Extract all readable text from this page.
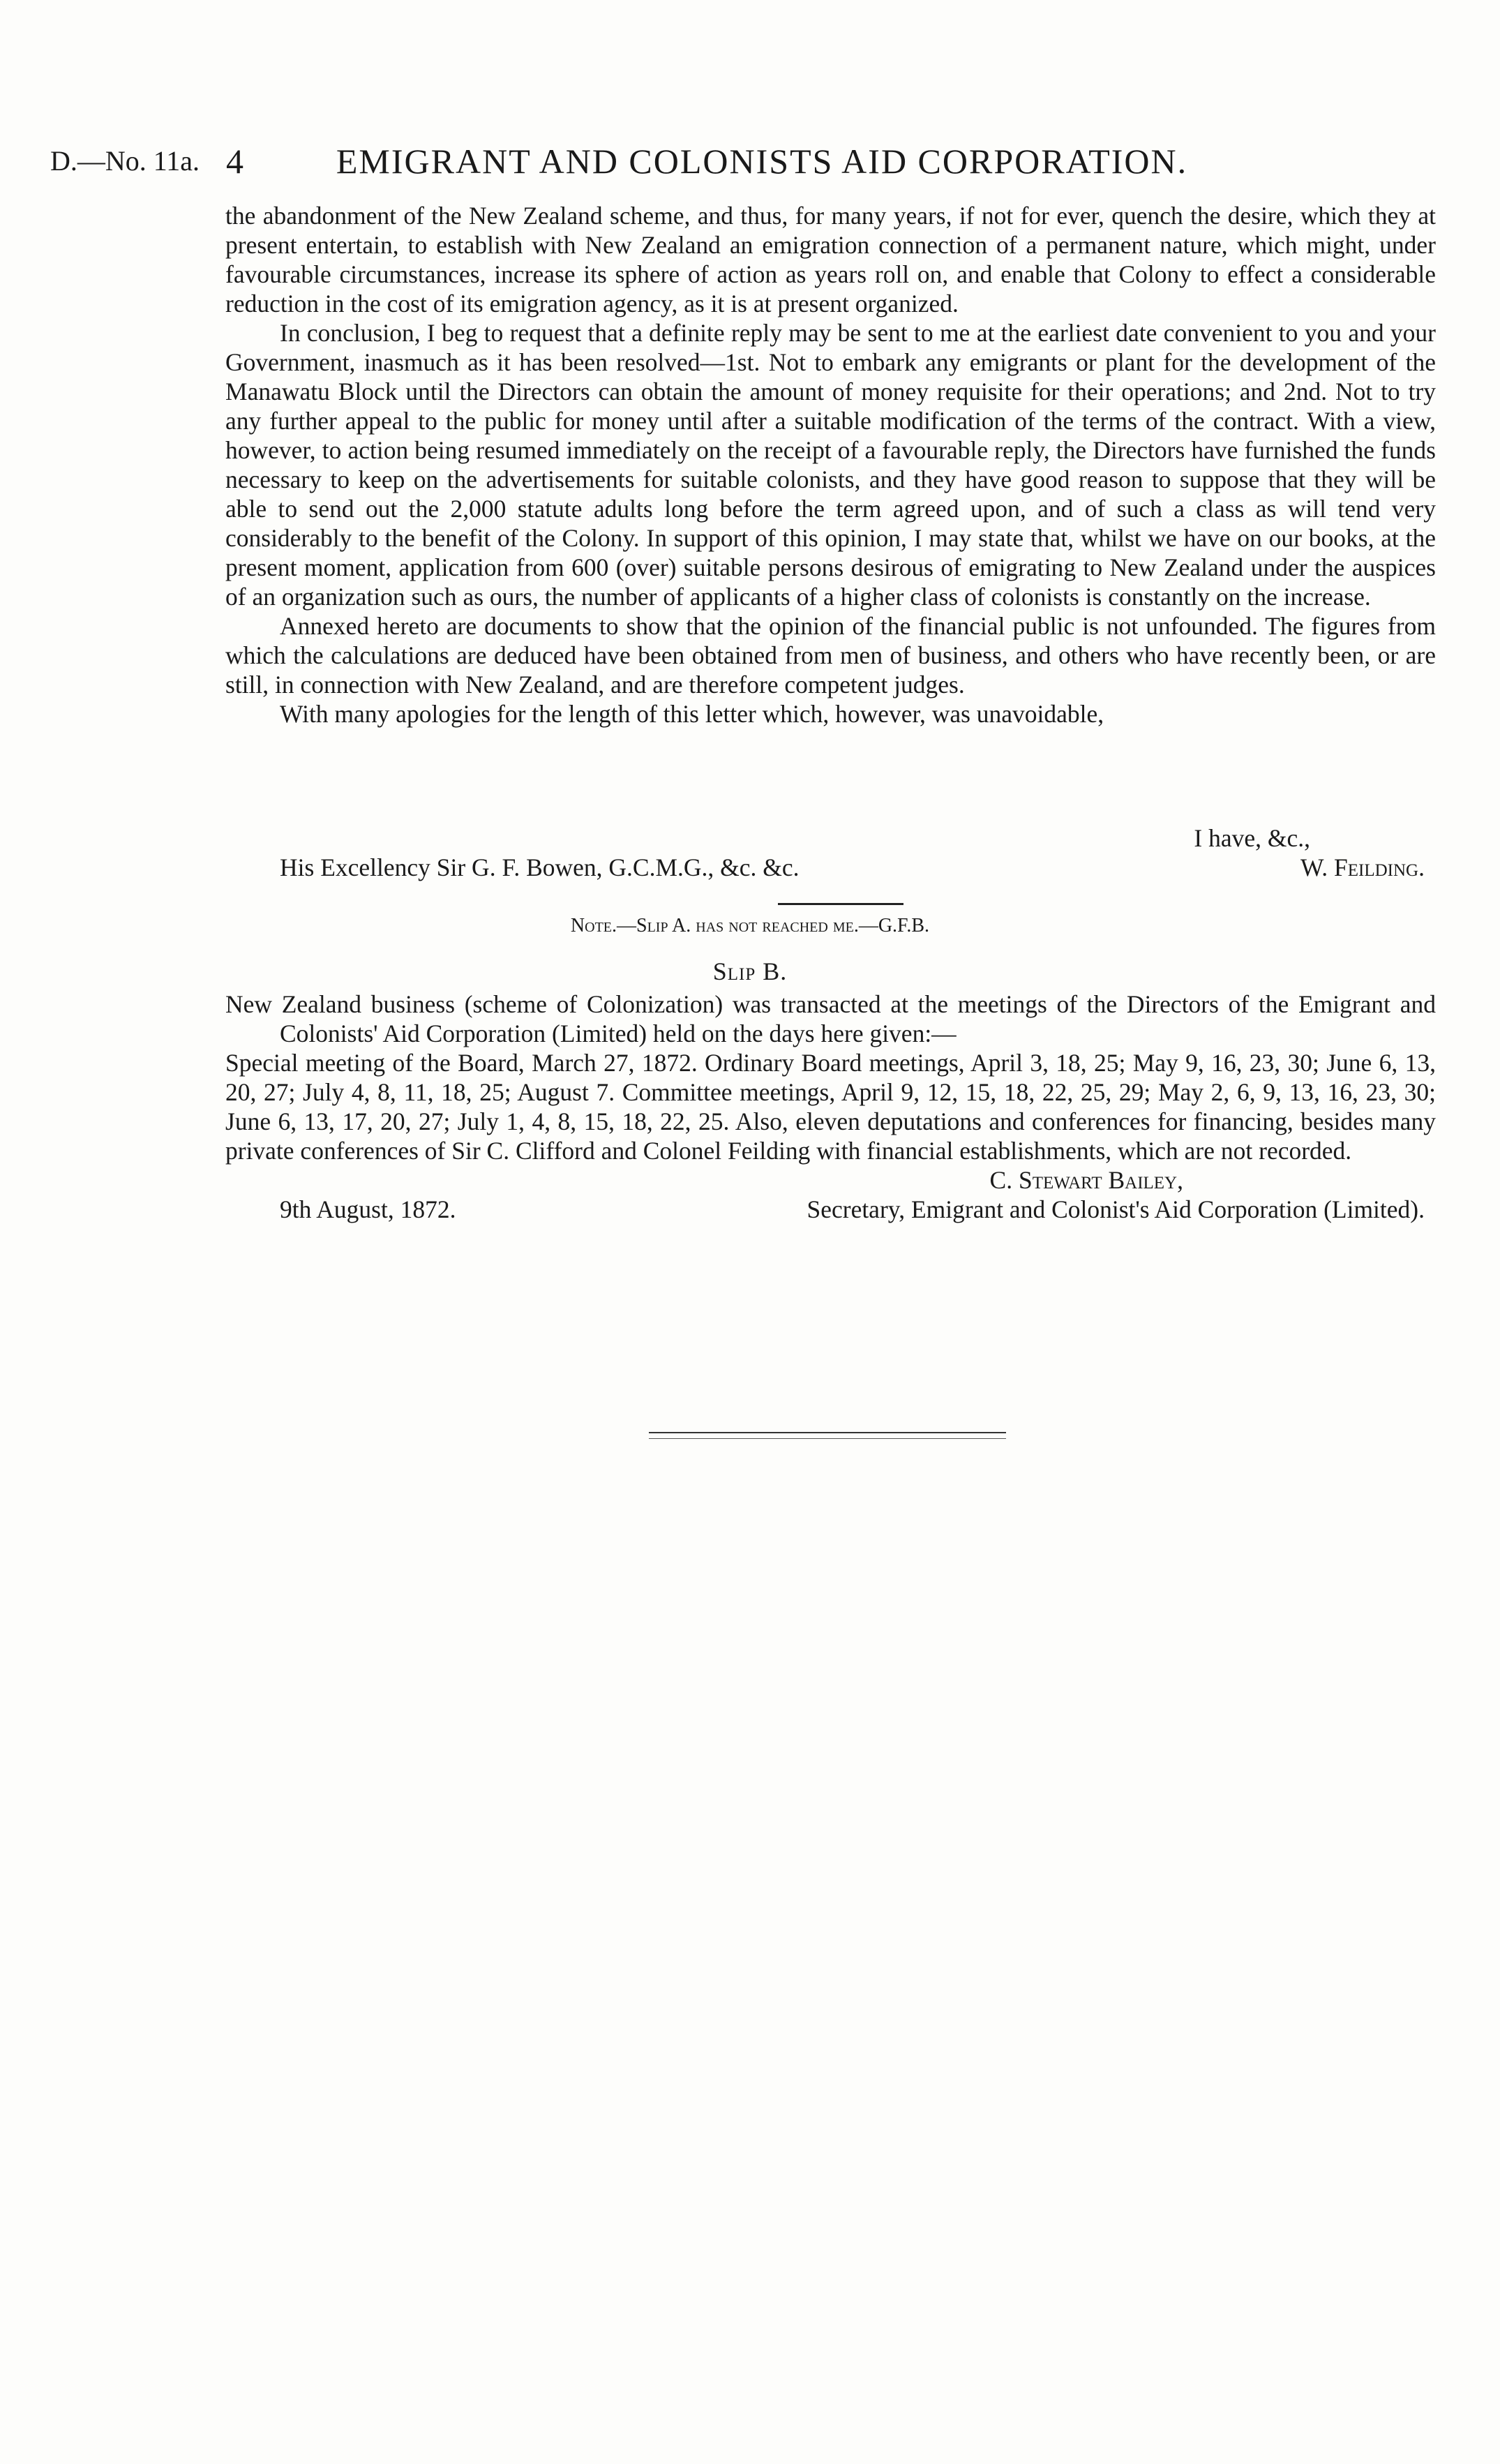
D.—No. 11a. 4	EMIGRANT AND COLONISTS AID CORPORATION.

the abandonment of the New Zealand scheme, and thus, for many years, if not for ever, quench the desire, which they at present entertain, to establish with New Zealand an emigration connection of a permanent nature, which might, under favourable circumstances, increase its sphere of action as years roll on, and enable that Colony to effect a considerable reduction in the cost of its emigration agency, as it is at present organized.

In conclusion, I beg to request that a definite reply may be sent to me at the earliest date convenient to you and your Government, inasmuch as it has been resolved—1st. Not to embark any emigrants or plant for the development of the Manawatu Block until the Directors can obtain the amount of money requisite for their operations; and 2nd. Not to try any further appeal to the public for money until after a suitable modification of the terms of the contract. With a view, however, to action being resumed immediately on the receipt of a favourable reply, the Directors have furnished the funds necessary to keep on the advertisements for suitable colonists, and they have good reason to suppose that they will be able to send out the 2,000 statute adults long before the term agreed upon, and of such a class as will tend very considerably to the benefit of the Colony. In support of this opinion, I may state that, whilst we have on our books, at the present moment, application from 600 (over) suitable persons desirous of emigrating to New Zealand under the auspices of an organization such as ours, the number of applicants of a higher class of colonists is constantly on the increase.

Annexed hereto are documents to show that the opinion of the financial public is not unfounded. The figures from which the calculations are deduced have been obtained from men of business, and others who have recently been, or are still, in connection with New Zealand, and are therefore competent judges.

With many apologies for the length of this letter which, however, was unavoidable,

I have, &c.,
His Excellency Sir G. F. Bowen, G.C.M.G., &c. &c.	W. Feilding.
Note.—Slip A. has not reached me.—G.F.B.
Slip B.

New Zealand business (scheme of Colonization) was transacted at the meetings of the Directors of the Emigrant and Colonists' Aid Corporation (Limited) held on the days here given:—

Special meeting of the Board, March 27, 1872. Ordinary Board meetings, April 3, 18, 25; May 9, 16, 23, 30; June 6, 13, 20, 27; July 4, 8, 11, 18, 25; August 7. Committee meetings, April 9, 12, 15, 18, 22, 25, 29; May 2, 6, 9, 13, 16, 23, 30; June 6, 13, 17, 20, 27; July 1, 4, 8, 15, 18, 22, 25. Also, eleven deputations and conferences for financing, besides many private conferences of Sir C. Clifford and Colonel Feilding with financial establishments, which are not recorded.

C. Stewart Bailey,
9th August, 1872.	Secretary, Emigrant and Colonist's Aid Corporation (Limited).
